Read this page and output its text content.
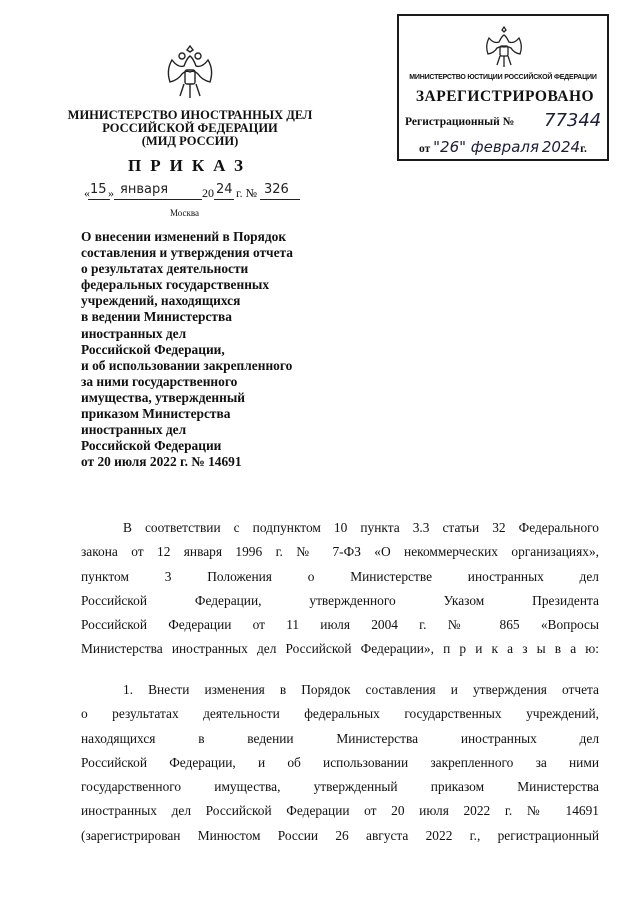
МИНИСТЕРСТВО ИНОСТРАННЫХ ДЕЛ
РОССИЙСКОЙ ФЕДЕРАЦИИ
(МИД РОССИИ)
ПРИКАЗ
« 15 » января	20 24 г. № 326
Москва
МИНИСТЕРСТВО ЮСТИЦИИ РОССИЙСКОЙ ФЕДЕРАЦИИ
ЗАРЕГИСТРИРОВАНО
Регистрационный № 77344
от "26" февраля 2024г.
О внесении изменений в Порядок
составления и утверждения отчета
о результатах деятельности
федеральных государственных
учреждений, находящихся
в ведении Министерства
иностранных дел
Российской Федерации,
и об использовании закрепленного
за ними государственного
имущества, утвержденный
приказом Министерства
иностранных дел
Российской Федерации
от 20 июля 2022 г. № 14691
В соответствии с подпунктом 10 пункта 3.3 статьи 32 Федерального
закона от 12 января 1996 г. № 7-ФЗ «О некоммерческих организациях»,
пунктом 3 Положения о Министерстве иностранных дел
Российской Федерации, утвержденного Указом Президента
Российской Федерации от 11 июля 2004 г. № 865 «Вопросы
Министерства иностранных дел Российской Федерации», п р и к а з ы в а ю:
1. Внести изменения в Порядок составления и утверждения отчета
о результатах деятельности федеральных государственных учреждений,
находящихся в ведении Министерства иностранных дел
Российской Федерации, и об использовании закрепленного за ними
государственного имущества, утвержденный приказом Министерства
иностранных дел Российской Федерации от 20 июля 2022 г. № 14691
(зарегистрирован Минюстом России 26 августа 2022 г., регистрационный
